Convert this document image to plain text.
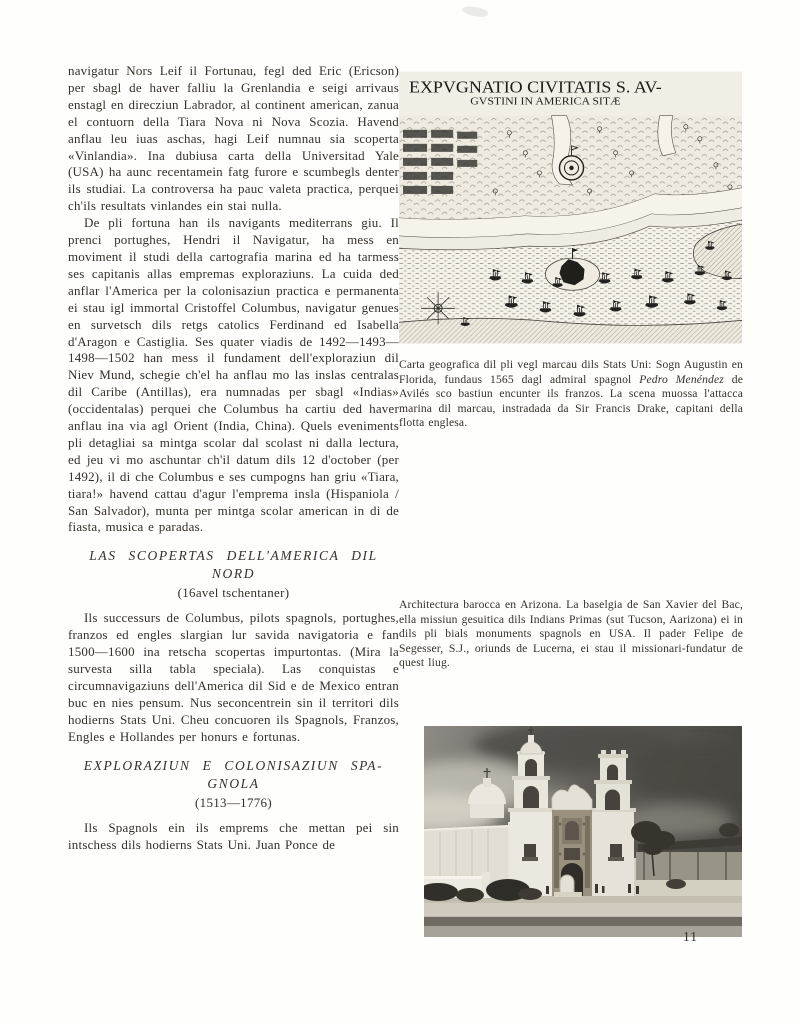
navigatur Nors Leif il Fortunau, fegl ded Eric (Ericson) per sbagl de haver falliu la Grenlandia e seigi arrivaus enstagl en direcziun Labrador, al continent american, zanua el contuorn della Tiara Nova ni Nova Scozia. Havend anflau leu iuas aschas, hagi Leif numnau sia scoperta «Vinlandia». Ina dubiusa carta della Universitad Yale (USA) ha aunc recentamein fatg furore e scumbegls denter ils studiai. La controversa ha pauc valeta practica, perquei ch'ils resultats vinlandes ein stai nulla.

De pli fortuna han ils navigants mediterrans giu. Il prenci portughes, Hendri il Navigatur, ha mess en moviment il studi della cartografia marina ed ha tarmess ses capitanis allas empremas exploraziuns. La cuida ded anflar l'America per la colonisaziun practica e permanenta ei stau igl immortal Cristoffel Columbus, navigatur genues en survetsch dils retgs catolics Ferdinand ed Isabella d'Aragon e Castiglia. Ses quater viadis de 1492—1493—1498—1502 han mess il fundament dell'exploraziun dil Niev Mund, schegie ch'el ha anflau mo las inslas centralas dil Caribe (Antillas), era numnadas per sbagl «Indias» (occidentalas) perquei che Columbus ha cartiu ded haver anflau ina via agl Orient (India, China). Quels eveniments pli detagliai sa mintga scolar dal scolast ni dalla lectura, ed jeu vi mo aschuntar ch'il datum dils 12 d'october (per 1492), il di che Columbus e ses cumpogns han griu «Tiara, tiara!» havend cattau d'agur l'emprema insla (Hispaniola / San Salvador), munta per mintga scolar american in di de fiasta, musica e paradas.

LAS SCOPERTAS DELL'AMERICA DIL
NORD
(16avel tschentaner)

Ils successurs de Columbus, pilots spagnols, portughes, franzos ed engles slargian lur savida navigatoria e fan 1500—1600 ina retscha scopertas impurtontas. (Mira la survesta silla tabla speciala). Las conquistas e circumnavigaziuns dell'America dil Sid e de Mexico entran buc en nies pensum. Nus seconcentrein sin il territori dils hodierns Stats Uni. Cheu concuoren ils Spagnols, Franzos, Engles e Hollandes per honurs e fortunas.

EXPLORAZIUN E COLONISAZIUN SPA-
GNOLA
(1513—1776)

Ils Spagnols ein ils emprems che mettan pei sin intschess dils hodierns Stats Uni. Juan Ponce de

EXPVGNATIO CIVITATIS S. AV-
GVSTINI IN AMERICA SITÆ

Carta geografica dil pli vegl marcau dils Stats Uni: Sogn Augustin en Florida, fundaus 1565 dagl admiral spagnol Pedro Menéndez de Avilés sco bastiun encunter ils franzos. La scena muossa l'attacca marina dil marcau, instradada da Sir Francis Drake, capitani della flotta englesa.

Architectura barocca en Arizona. La baselgia de San Xavier del Bac, ella missiun gesuitica dils Indians Primas (sut Tucson, Aarizona) ei in dils pli bials monuments spagnols en USA. Il pader Felipe de Segesser, S.J., oriunds de Lucerna, ei stau il missionari-fundatur de quest liug.

11
